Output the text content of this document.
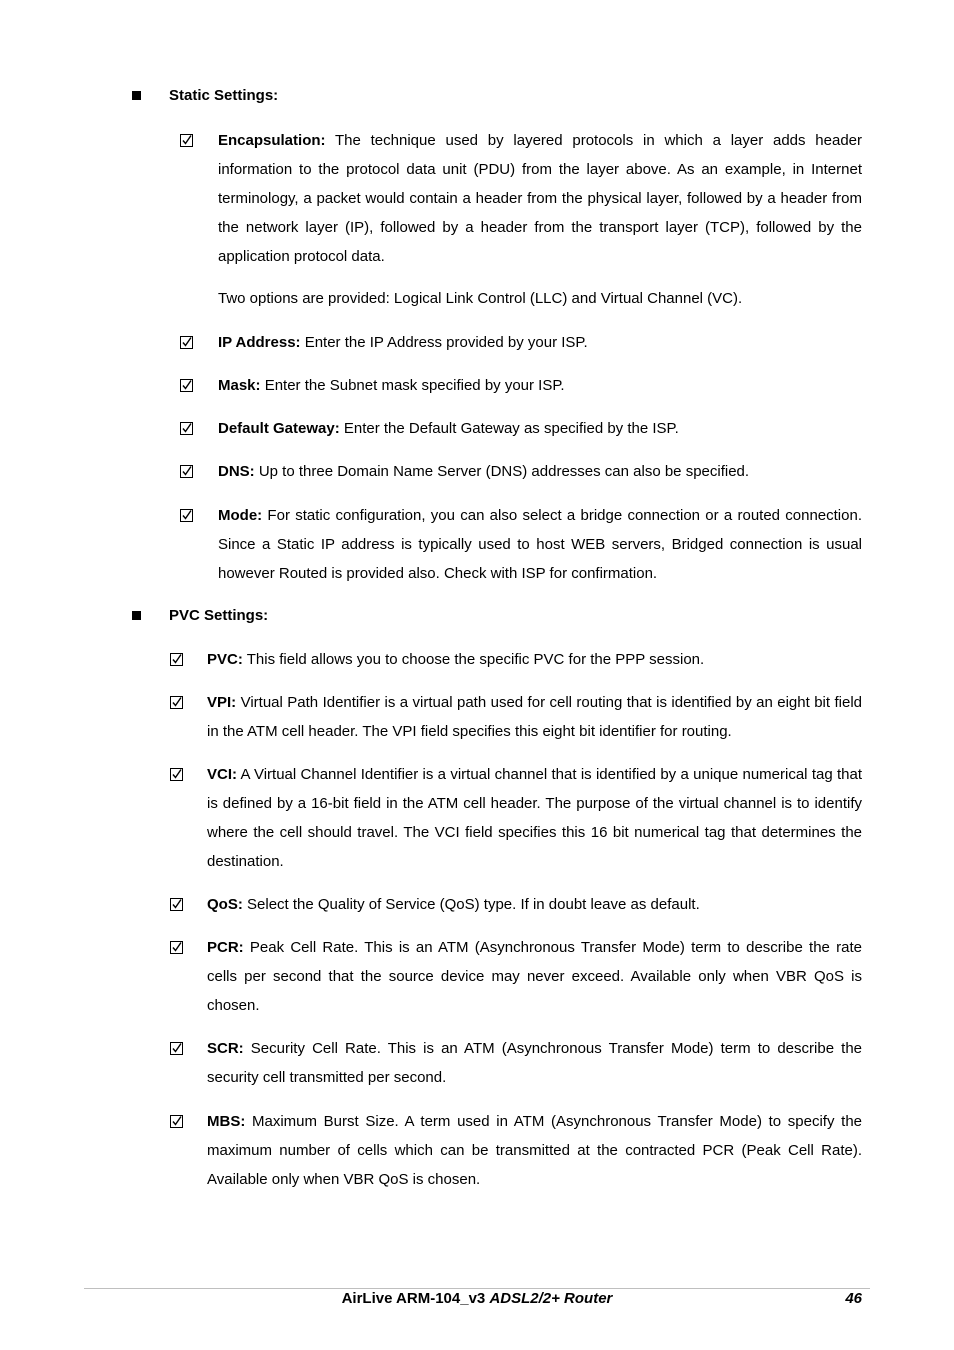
Static Settings:
Encapsulation: The technique used by layered protocols in which a layer adds header information to the protocol data unit (PDU) from the layer above. As an example, in Internet terminology, a packet would contain a header from the physical layer, followed by a header from the network layer (IP), followed by a header from the transport layer (TCP), followed by the application protocol data.
Two options are provided: Logical Link Control (LLC) and Virtual Channel (VC).
IP Address: Enter the IP Address provided by your ISP.
Mask: Enter the Subnet mask specified by your ISP.
Default Gateway: Enter the Default Gateway as specified by the ISP.
DNS: Up to three Domain Name Server (DNS) addresses can also be specified.
Mode: For static configuration, you can also select a bridge connection or a routed connection. Since a Static IP address is typically used to host WEB servers, Bridged connection is usual however Routed is provided also. Check with ISP for confirmation.
PVC Settings:
PVC: This field allows you to choose the specific PVC for the PPP session.
VPI: Virtual Path Identifier is a virtual path used for cell routing that is identified by an eight bit field in the ATM cell header. The VPI field specifies this eight bit identifier for routing.
VCI: A Virtual Channel Identifier is a virtual channel that is identified by a unique numerical tag that is defined by a 16-bit field in the ATM cell header. The purpose of the virtual channel is to identify where the cell should travel. The VCI field specifies this 16 bit numerical tag that determines the destination.
QoS: Select the Quality of Service (QoS) type. If in doubt leave as default.
PCR: Peak Cell Rate. This is an ATM (Asynchronous Transfer Mode) term to describe the rate cells per second that the source device may never exceed. Available only when VBR QoS is chosen.
SCR: Security Cell Rate. This is an ATM (Asynchronous Transfer Mode) term to describe the security cell transmitted per second.
MBS: Maximum Burst Size. A term used in ATM (Asynchronous Transfer Mode) to specify the maximum number of cells which can be transmitted at the contracted PCR (Peak Cell Rate). Available only when VBR QoS is chosen.
AirLive ARM-104_v3 ADSL2/2+ Router	46
